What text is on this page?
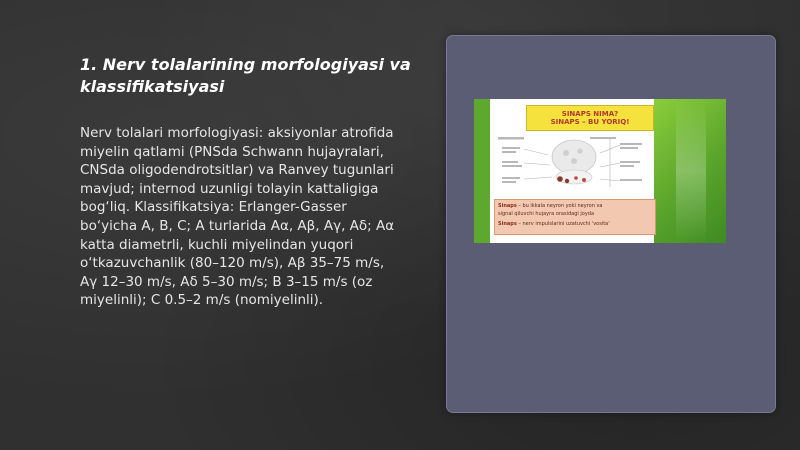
1. Nerv tolalarining morfologiyasi va klassifikatsiyasi

Nerv tolalari morfologiyasi: aksiyonlar atrofida miyelin qatlami (PNSda Schwann hujayralari, CNSda oligodendrotsitlar) va Ranvey tugunlari mavjud; internod uzunligi tolayin kattaligiga bog‘liq. Klassifikatsiya: Erlanger-Gasser bo‘yicha A, B, C; A turlarida Aα, Aβ, Aγ, Aδ; Aα katta diametrli, kuchli miyelindan yuqori o‘tkazuvchanlik (80–120 m/s), Aβ 35–75 m/s, Aγ 12–30 m/s, Aδ 5–30 m/s; B 3–15 m/s (oz miyelinli); C 0.5–2 m/s (nomiyelinli).

SINAPS NIMA?
SINAPS – BU YORIQ!
Sinaps – bu ikkala neyron yoki neyron va
signal qiluvchi hujayra orasidagi joyda
Sinaps – nerv impulslarini uzatuvchi 'vosita'
